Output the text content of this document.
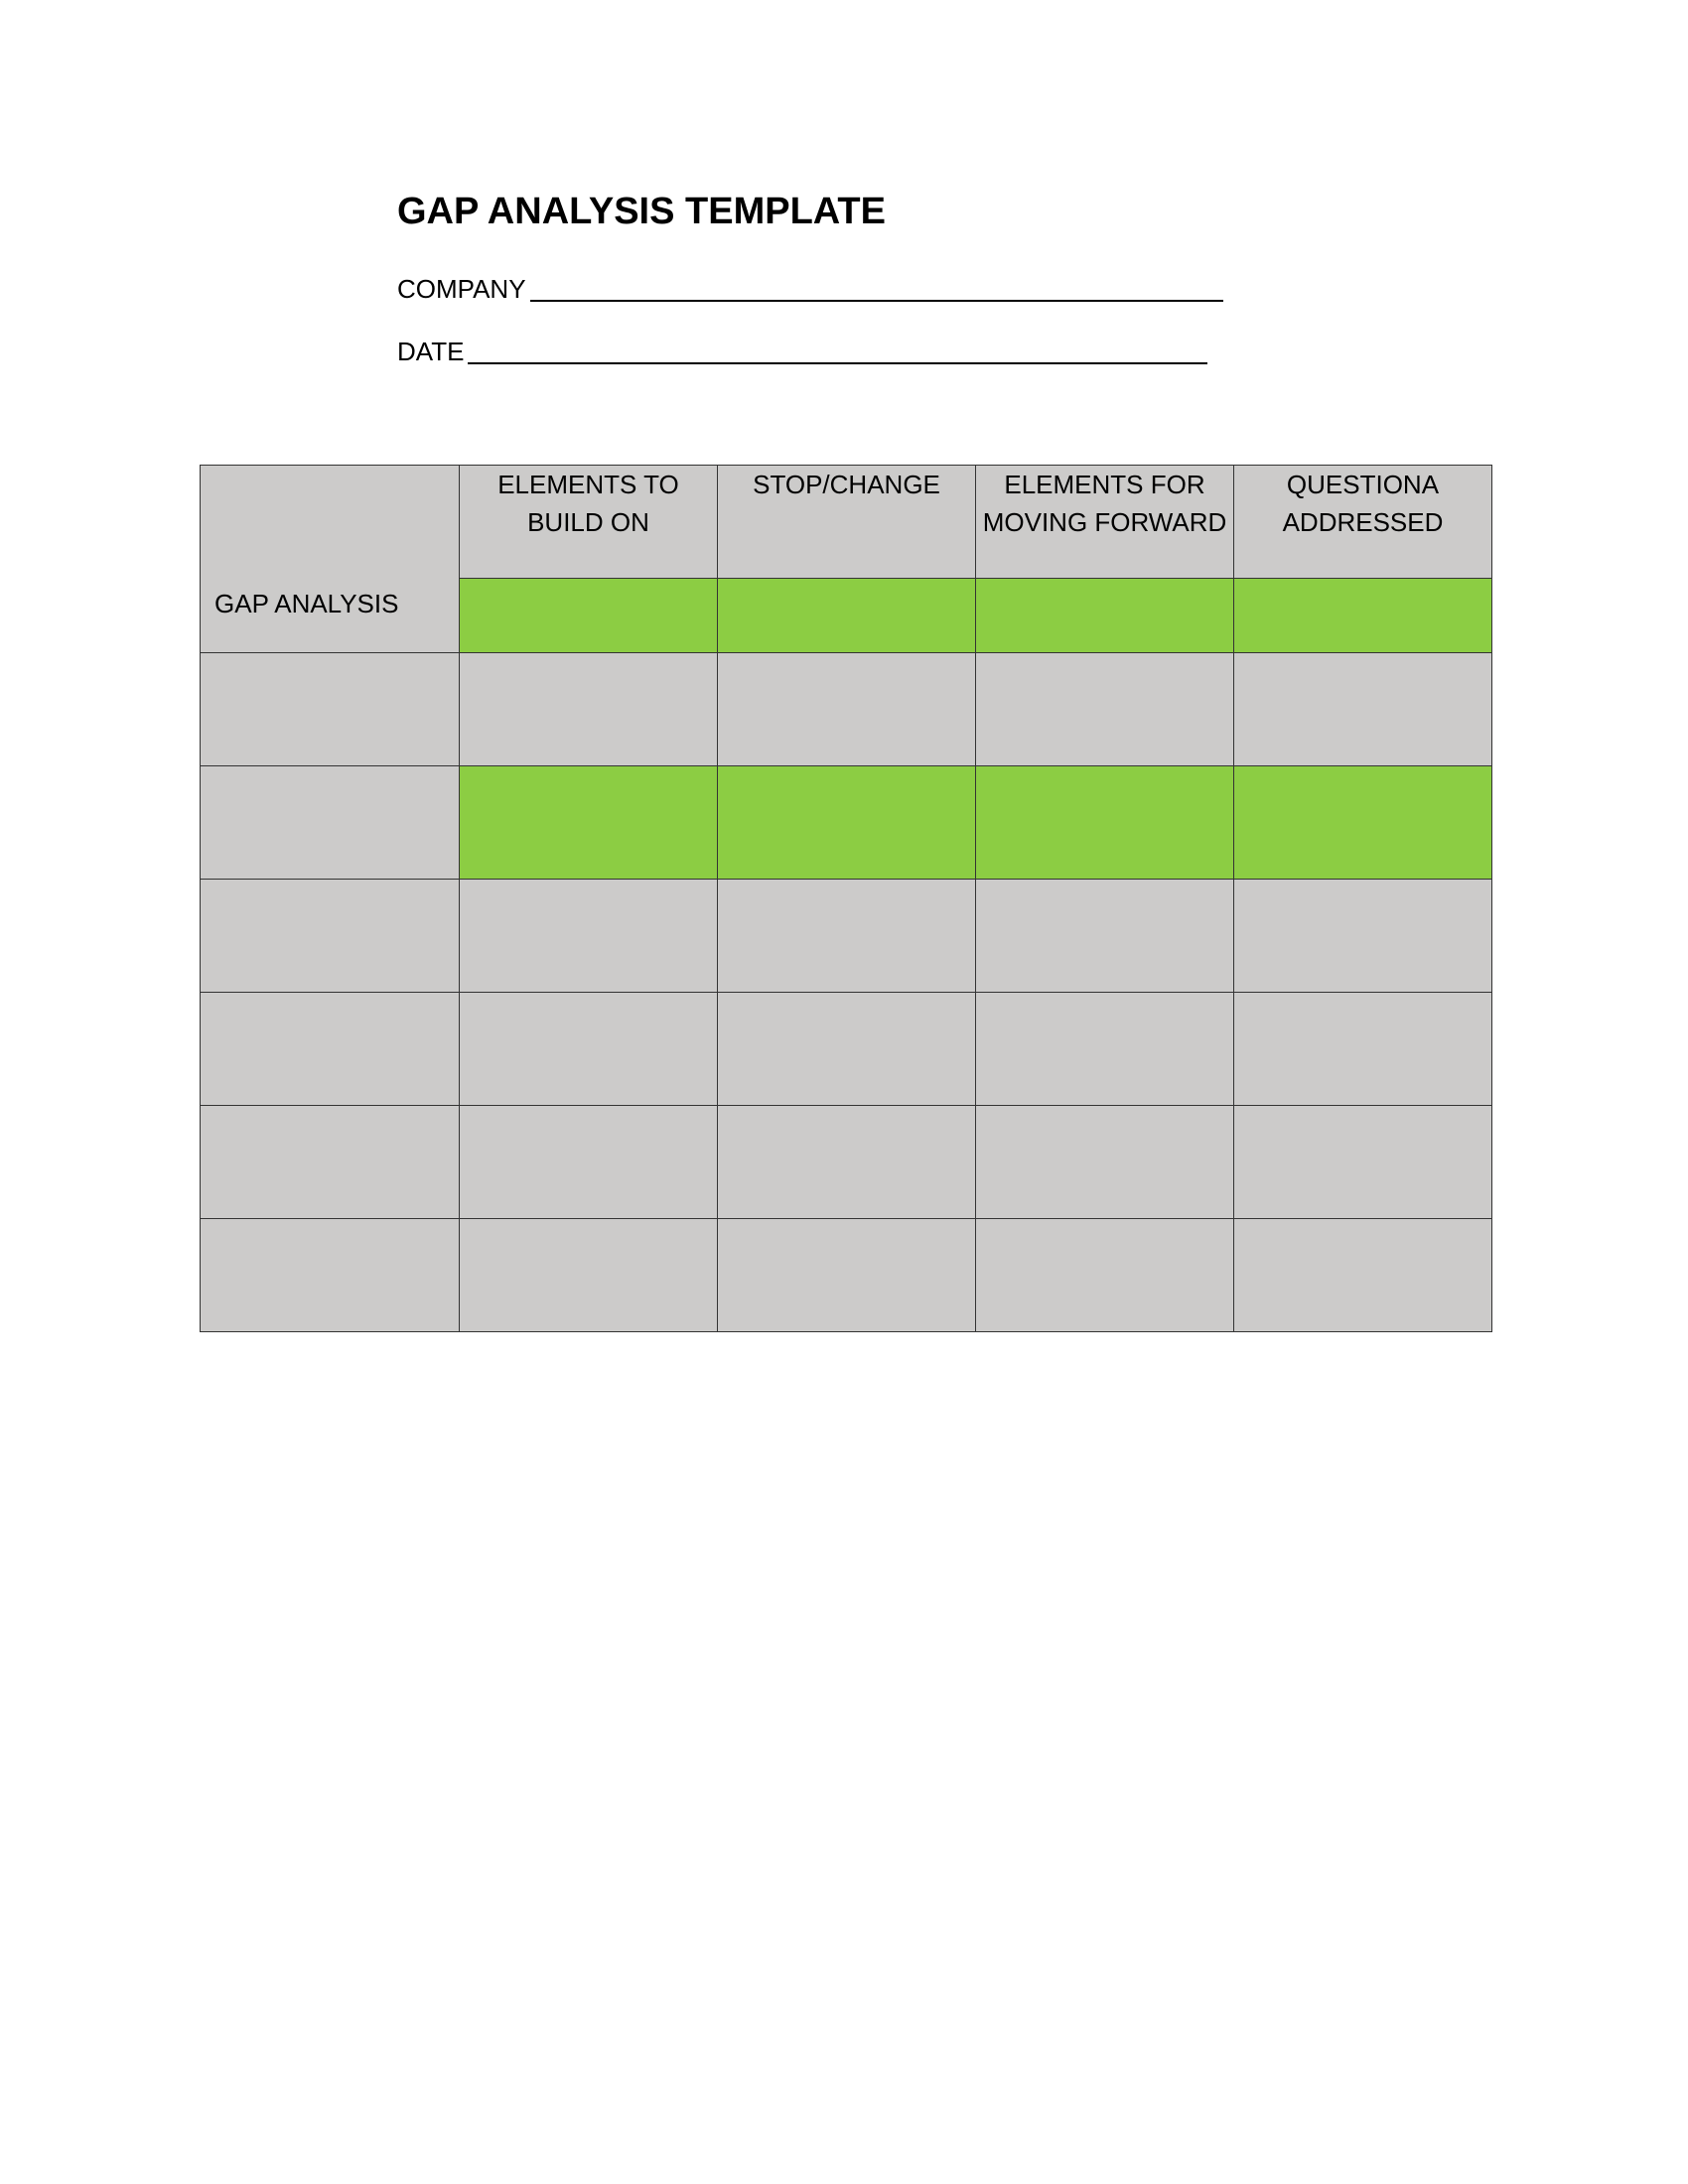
GAP ANALYSIS TEMPLATE
COMPANY
DATE
GAP ANALYSIS	ELEMENTS TO BUILD ON	STOP/CHANGE	ELEMENTS FOR MOVING FORWARD	QUESTIONA ADDRESSED
